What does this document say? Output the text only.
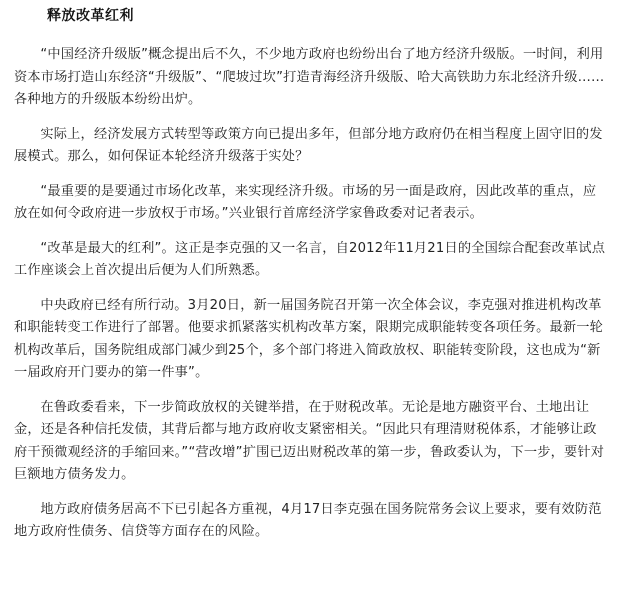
释放改革红利

“中国经济升级版”概念提出后不久，不少地方政府也纷纷出台了地方经济升级版。一时间，利用资本市场打造山东经济“升级版”、“爬坡过坎”打造青海经济升级版、哈大高铁助力东北经济升级……各种地方的升级版本纷纷出炉。

实际上，经济发展方式转型等政策方向已提出多年，但部分地方政府仍在相当程度上固守旧的发展模式。那么，如何保证本轮经济升级落于实处？

“最重要的是要通过市场化改革，来实现经济升级。市场的另一面是政府，因此改革的重点，应放在如何令政府进一步放权于市场。”兴业银行首席经济学家鲁政委对记者表示。

“改革是最大的红利”。这正是李克强的又一名言，自2012年11月21日的全国综合配套改革试点工作座谈会上首次提出后便为人们所熟悉。

中央政府已经有所行动。3月20日，新一届国务院召开第一次全体会议，李克强对推进机构改革和职能转变工作进行了部署。他要求抓紧落实机构改革方案，限期完成职能转变各项任务。最新一轮机构改革后，国务院组成部门减少到25个，多个部门将进入简政放权、职能转变阶段，这也成为“新一届政府开门要办的第一件事”。

在鲁政委看来，下一步简政放权的关键举措，在于财税改革。无论是地方融资平台、土地出让金，还是各种信托发债，其背后都与地方政府收支紧密相关。“因此只有理清财税体系，才能够让政府干预微观经济的手缩回来。”“营改增”扩围已迈出财税改革的第一步，鲁政委认为，下一步，要针对巨额地方债务发力。

地方政府债务居高不下已引起各方重视，4月17日李克强在国务院常务会议上要求，要有效防范地方政府性债务、信贷等方面存在的风险。
